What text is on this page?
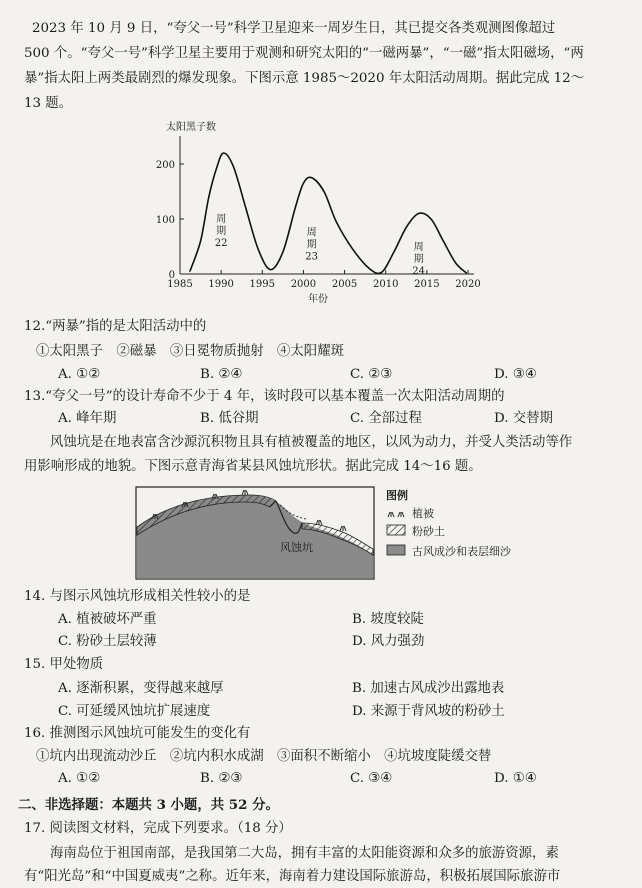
2023 年 10 月 9 日，“夸父一号”科学卫星迎来一周岁生日，其已提交各类观测图像超过
500 个。“夸父一号”科学卫星主要用于观测和研究太阳的“一磁两暴”，“一磁”指太阳磁场，“两
暴”指太阳上两类最剧烈的爆发现象。下图示意 1985～2020 年太阳活动周期。据此完成 12～
13 题。
太阳黑子数
0
100
200
1985 1990 1995 2000 2005 2010 2015 2020
年份
周
期
22
周
期
23
周
期
24
12.“两暴”指的是太阳活动中的
①太阳黑子　②磁暴　③日冕物质抛射　④太阳耀斑
A. ①②	B. ②④	C. ②③	D. ③④
13.“夸父一号”的设计寿命不少于 4 年，该时段可以基本覆盖一次太阳活动周期的
A. 峰年期	B. 低谷期	C. 全部过程	D. 交替期
风蚀坑是在地表富含沙源沉积物且具有植被覆盖的地区，以风为动力，并受人类活动等作
用影响形成的地貌。下图示意青海省某县风蚀坑形状。据此完成 14～16 题。
风蚀坑
图例
植被
粉砂土
古风成沙和表层细沙
14. 与图示风蚀坑形成相关性较小的是
A. 植被破坏严重	B. 坡度较陡
C. 粉砂土层较薄	D. 风力强劲
15. 甲处物质
A. 逐渐积累，变得越来越厚	B. 加速古风成沙出露地表
C. 可延缓风蚀坑扩展速度	D. 来源于背风坡的粉砂土
16. 推测图示风蚀坑可能发生的变化有
①坑内出现流动沙丘　②坑内积水成湖　③面积不断缩小　④坑坡度陡缓交替
A. ①②	B. ②③	C. ③④	D. ①④
二、非选择题：本题共 3 小题，共 52 分。
17. 阅读图文材料，完成下列要求。（18 分）
海南岛位于祖国南部，是我国第二大岛，拥有丰富的太阳能资源和众多的旅游资源，素
有“阳光岛”和“中国夏威夷”之称。近年来，海南着力建设国际旅游岛，积极拓展国际旅游市
